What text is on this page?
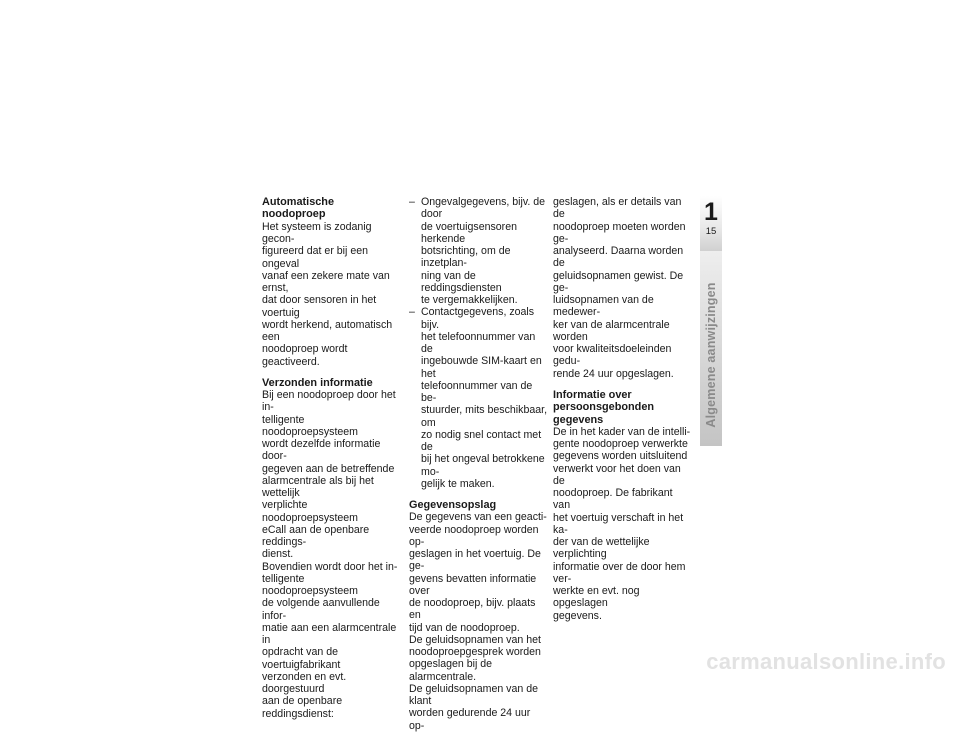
Automatische noodoproep

Het systeem is zodanig gecon-
figureerd dat er bij een ongeval
vanaf een zekere mate van ernst,
dat door sensoren in het voertuig
wordt herkend, automatisch een
noodoproep wordt geactiveerd.

Verzonden informatie

Bij een noodoproep door het in-
telligente noodoproepsysteem
wordt dezelfde informatie door-
gegeven aan de betreffende
alarmcentrale als bij het wettelijk
verplichte noodoproepsysteem
eCall aan de openbare reddings-
dienst.

Bovendien wordt door het in-
telligente noodoproepsysteem
de volgende aanvullende infor-
matie aan een alarmcentrale in
opdracht van de voertuigfabrikant
verzonden en evt. doorgestuurd
aan de openbare reddingsdienst:

– Ongevalgegevens, bijv. de door
de voertuigsensoren herkende
botsrichting, om de inzetplan-
ning van de reddingsdiensten
te vergemakkelijken.
– Contactgegevens, zoals bijv.
het telefoonnummer van de
ingebouwde SIM-kaart en het
telefoonnummer van de be-
stuurder, mits beschikbaar, om
zo nodig snel contact met de
bij het ongeval betrokkene mo-
gelijk te maken.
Gegevensopslag

De gegevens van een geacti-
veerde noodoproep worden op-
geslagen in het voertuig. De ge-
gevens bevatten informatie over
de noodoproep, bijv. plaats en
tijd van de noodoproep.

De geluidsopnamen van het
noodoproepgesprek worden
opgeslagen bij de alarmcentrale.
De geluidsopnamen van de klant
worden gedurende 24 uur op-

geslagen, als er details van de
noodoproep moeten worden ge-
analyseerd. Daarna worden de
geluidsopnamen gewist. De ge-
luidsopnamen van de medewer-
ker van de alarmcentrale worden
voor kwaliteitsdoeleinden gedu-
rende 24 uur opgeslagen.

Informatie over
persoonsgebonden gegevens

De in het kader van de intelli-
gente noodoproep verwerkte
gegevens worden uitsluitend
verwerkt voor het doen van de
noodoproep. De fabrikant van
het voertuig verschaft in het ka-
der van de wettelijke verplichting
informatie over de door hem ver-
werkte en evt. nog opgeslagen
gegevens.

1
15
Algemene aanwijzingen
carmanualsonline.info
